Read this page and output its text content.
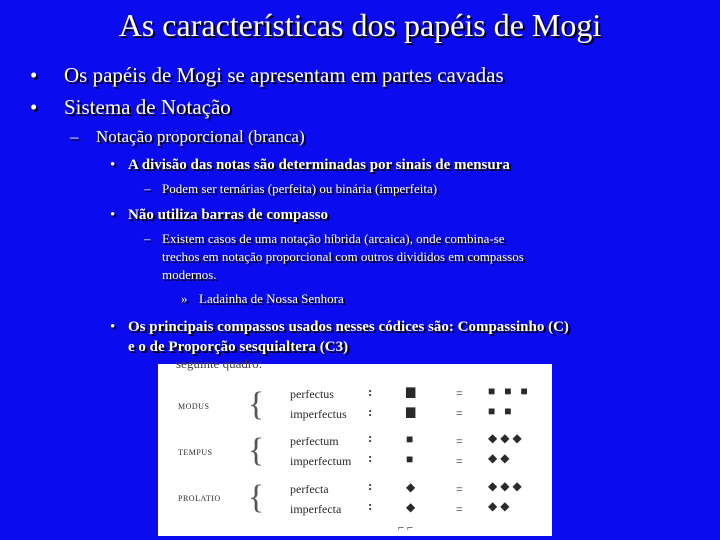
As características dos papéis de Mogi
• Os papéis de Mogi se apresentam em partes cavadas
• Sistema de Notação
– Notação proporcional (branca)
• A divisão das notas são determinadas por sinais de mensura
– Podem ser ternárias (perfeita) ou binária (imperfeita)
• Não utiliza barras de compasso
– Existem casos de uma notação híbrida (arcaica), onde combina-se
trechos em notação proporcional com outros divididos em compassos
modernos.
» Ladainha de Nossa Senhora
• Os principais compassos usados nesses códices são: Compassinho (C)
e o de Proporção sesquialtera (C3)
seguinte quadro:
MODUS { perfectus
imperfectus
:
:
▆
▆
=
=
■ ■ ■
■ ■
TEMPUS { perfectum
imperfectum
:
:
■
■
=
=
◆◆◆
◆◆
PROLATIO { perfecta
imperfecta
:
:
◆
◆
=
=
◆◆◆
◆◆
⌐ ⌐
